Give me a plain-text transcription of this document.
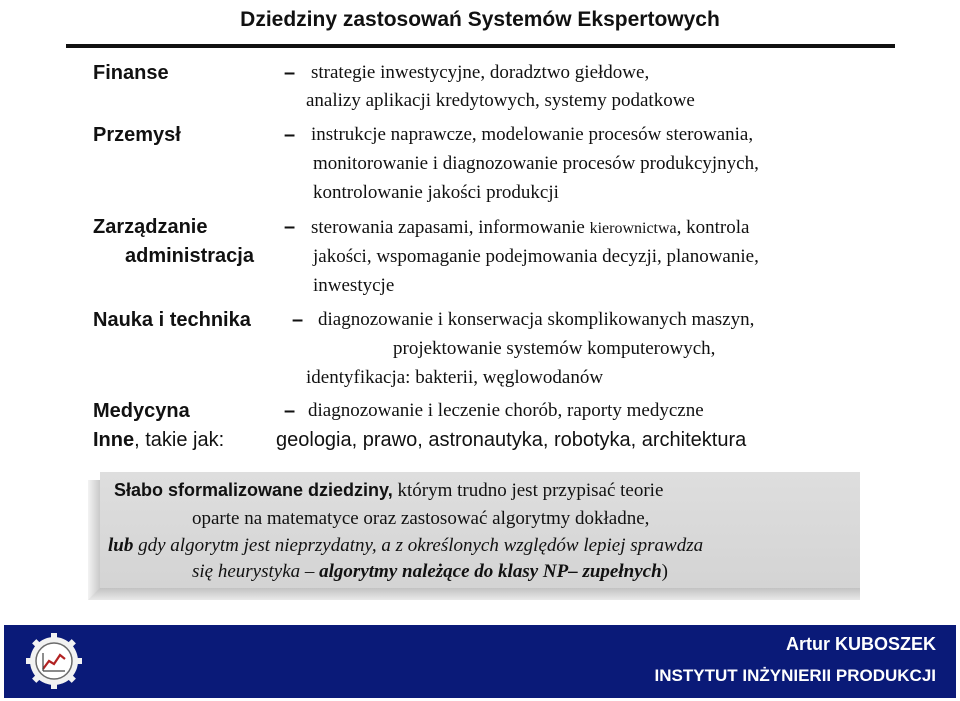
Dziedziny zastosowań Systemów Ekspertowych
Finanse	– strategie inwestycyjne, doradztwo giełdowe,
analizy aplikacji kredytowych, systemy podatkowe
Przemysł	– instrukcje naprawcze, modelowanie procesów sterowania,
monitorowanie i diagnozowanie procesów produkcyjnych,
kontrolowanie jakości produkcji
Zarządzanie
administracja
– sterowania zapasami, informowanie kierownictwa, kontrola
jakości, wspomaganie podejmowania decyzji, planowanie,
inwestycje
Nauka i technika – diagnozowanie i konserwacja skomplikowanych maszyn,
projektowanie systemów komputerowych,
identyfikacja: bakterii, węglowodanów
Medycyna	– diagnozowanie i leczenie chorób, raporty medyczne
Inne, takie jak:	geologia, prawo, astronautyka, robotyka, architektura
Słabo sformalizowane dziedziny, którym trudno jest przypisać teorie
oparte na matematyce oraz zastosować algorytmy dokładne,
lub gdy algorytm jest nieprzydatny, a z określonych względów lepiej sprawdza
się heurystyka – algorytmy należące do klasy NP– zupełnych)
Artur KUBOSZEK
INSTYTUT INŻYNIERII PRODUKCJI
